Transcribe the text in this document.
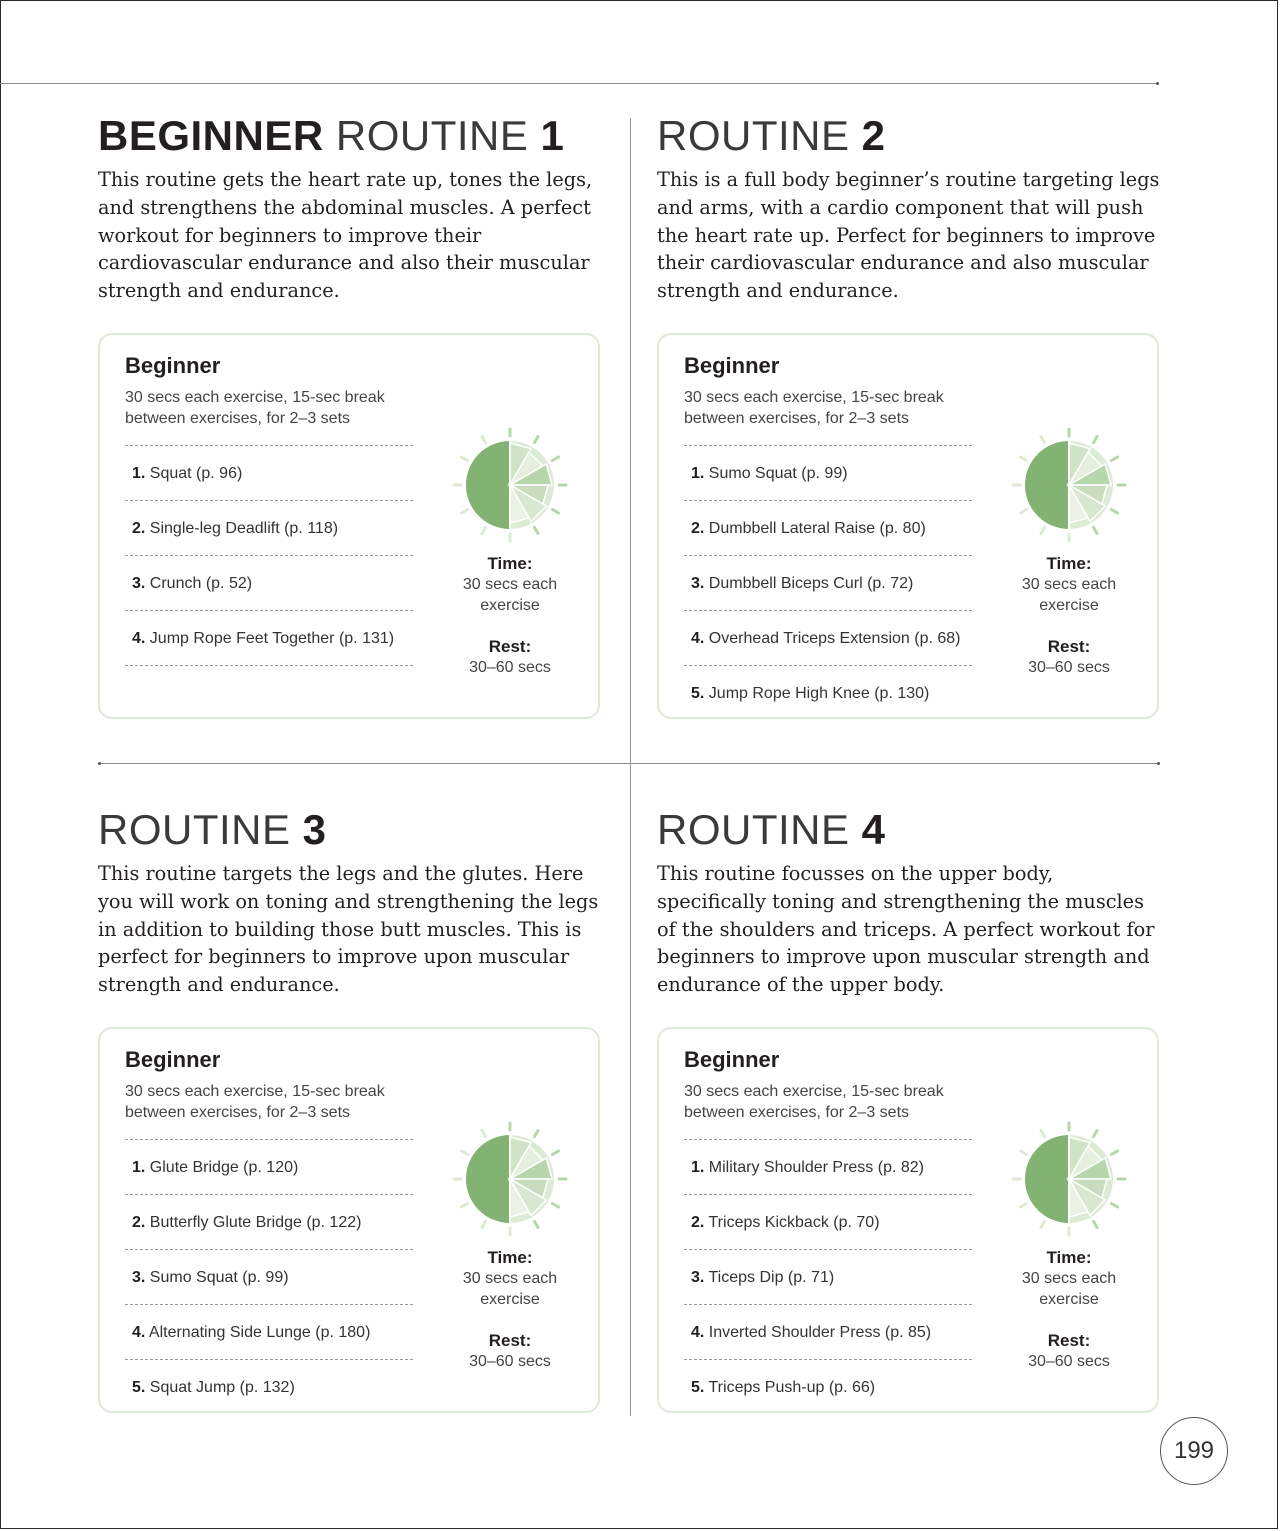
BEGINNER ROUTINE 1

This routine gets the heart rate up, tones the legs, and strengthens the abdominal muscles. A perfect workout for beginners to improve their cardiovascular endurance and also their muscular strength and endurance.

Beginner

30 secs each exercise, 15-sec break between exercises, for 2–3 sets

1. Squat (p. 96)
2. Single-leg Deadlift (p. 118)
3. Crunch (p. 52)
4. Jump Rope Feet Together (p. 131)
Time:
30 secs each exercise
Rest:
30–60 secs
ROUTINE 2

This is a full body beginner’s routine targeting legs and arms, with a cardio component that will push the heart rate up. Perfect for beginners to improve their cardiovascular endurance and also muscular strength and endurance.

Beginner

30 secs each exercise, 15-sec break between exercises, for 2–3 sets

1. Sumo Squat (p. 99)
2. Dumbbell Lateral Raise (p. 80)
3. Dumbbell Biceps Curl (p. 72)
4. Overhead Triceps Extension (p. 68)
5. Jump Rope High Knee (p. 130)
Time:
30 secs each exercise
Rest:
30–60 secs
ROUTINE 3

This routine targets the legs and the glutes. Here you will work on toning and strengthening the legs in addition to building those butt muscles. This is perfect for beginners to improve upon muscular strength and endurance.

Beginner

30 secs each exercise, 15-sec break between exercises, for 2–3 sets

1. Glute Bridge (p. 120)
2. Butterfly Glute Bridge (p. 122)
3. Sumo Squat (p. 99)
4. Alternating Side Lunge (p. 180)
5. Squat Jump (p. 132)
Time:
30 secs each exercise
Rest:
30–60 secs
ROUTINE 4

This routine focusses on the upper body, specifically toning and strengthening the muscles of the shoulders and triceps. A perfect workout for beginners to improve upon muscular strength and endurance of the upper body.

Beginner

30 secs each exercise, 15-sec break between exercises, for 2–3 sets

1. Military Shoulder Press (p. 82)
2. Triceps Kickback (p. 70)
3. Ticeps Dip (p. 71)
4. Inverted Shoulder Press (p. 85)
5. Triceps Push-up (p. 66)
Time:
30 secs each exercise
Rest:
30–60 secs
199
